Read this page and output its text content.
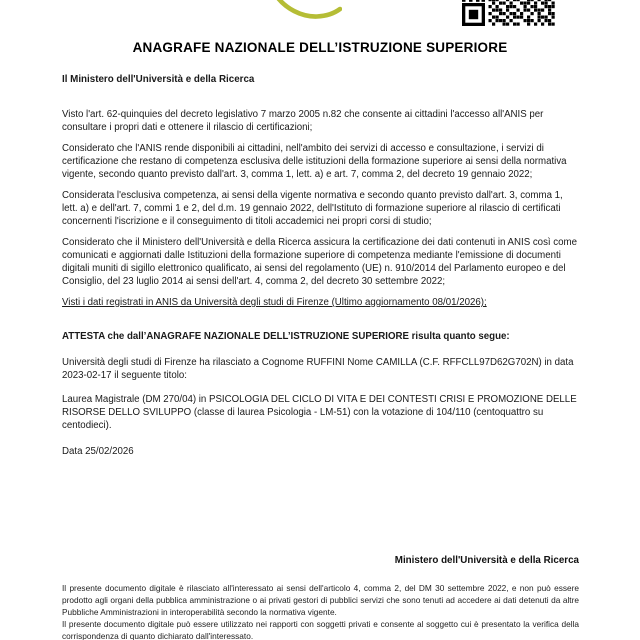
ANAGRAFE NAZIONALE DELL’ISTRUZIONE SUPERIORE
Il Ministero dell'Università e della Ricerca

Visto l'art. 62-quinquies del decreto legislativo 7 marzo 2005 n.82 che consente ai cittadini l'accesso all'ANIS per consultare i propri dati e ottenere il rilascio di certificazioni;

Considerato che l'ANIS rende disponibili ai cittadini, nell'ambito dei servizi di accesso e consultazione, i servizi di certificazione che restano di competenza esclusiva delle istituzioni della formazione superiore ai sensi della normativa vigente, secondo quanto previsto dall'art. 3, comma 1, lett. a) e art. 7, comma 2, del decreto 19 gennaio 2022;

Considerata l'esclusiva competenza, ai sensi della vigente normativa e secondo quanto previsto dall'art. 3, comma 1, lett. a) e dell'art. 7, commi 1 e 2, del d.m. 19 gennaio 2022, dell'Istituto di formazione superiore al rilascio di certificati concernenti l'iscrizione e il conseguimento di titoli accademici nei propri corsi di studio;

Considerato che il Ministero dell'Università e della Ricerca assicura la certificazione dei dati contenuti in ANIS così come comunicati e aggiornati dalle Istituzioni della formazione superiore di competenza mediante l'emissione di documenti digitali muniti di sigillo elettronico qualificato, ai sensi del regolamento (UE) n. 910/2014 del Parlamento europeo e del Consiglio, del 23 luglio 2014 ai sensi dell'art. 4, comma 2, del decreto 30 settembre 2022;

Visti i dati registrati in ANIS da Università degli studi di Firenze (Ultimo aggiornamento 08/01/2026);

ATTESTA che dall’ANAGRAFE NAZIONALE DELL’ISTRUZIONE SUPERIORE risulta quanto segue:

Università degli studi di Firenze ha rilasciato a Cognome RUFFINI Nome CAMILLA (C.F. RFFCLL97D62G702N) in data 2023-02-17 il seguente titolo:

Laurea Magistrale (DM 270/04) in PSICOLOGIA DEL CICLO DI VITA E DEI CONTESTI CRISI E PROMOZIONE DELLE RISORSE DELLO SVILUPPO (classe di laurea Psicologia - LM-51) con la votazione di 104/110 (centoquattro su centodieci).

Data 25/02/2026

Ministero dell'Università e della Ricerca

Il presente documento digitale è rilasciato all'interessato ai sensi dell'articolo 4, comma 2, del DM 30 settembre 2022, e non può essere prodotto agli organi della pubblica amministrazione o ai privati gestori di pubblici servizi che sono tenuti ad accedere ai dati detenuti da altre Pubbliche Amministrazioni in interoperabilità secondo la normativa vigente.

Il presente documento digitale può essere utilizzato nei rapporti con soggetti privati e consente al soggetto cui è presentato la verifica della corrispondenza di quanto dichiarato dall'interessato.
